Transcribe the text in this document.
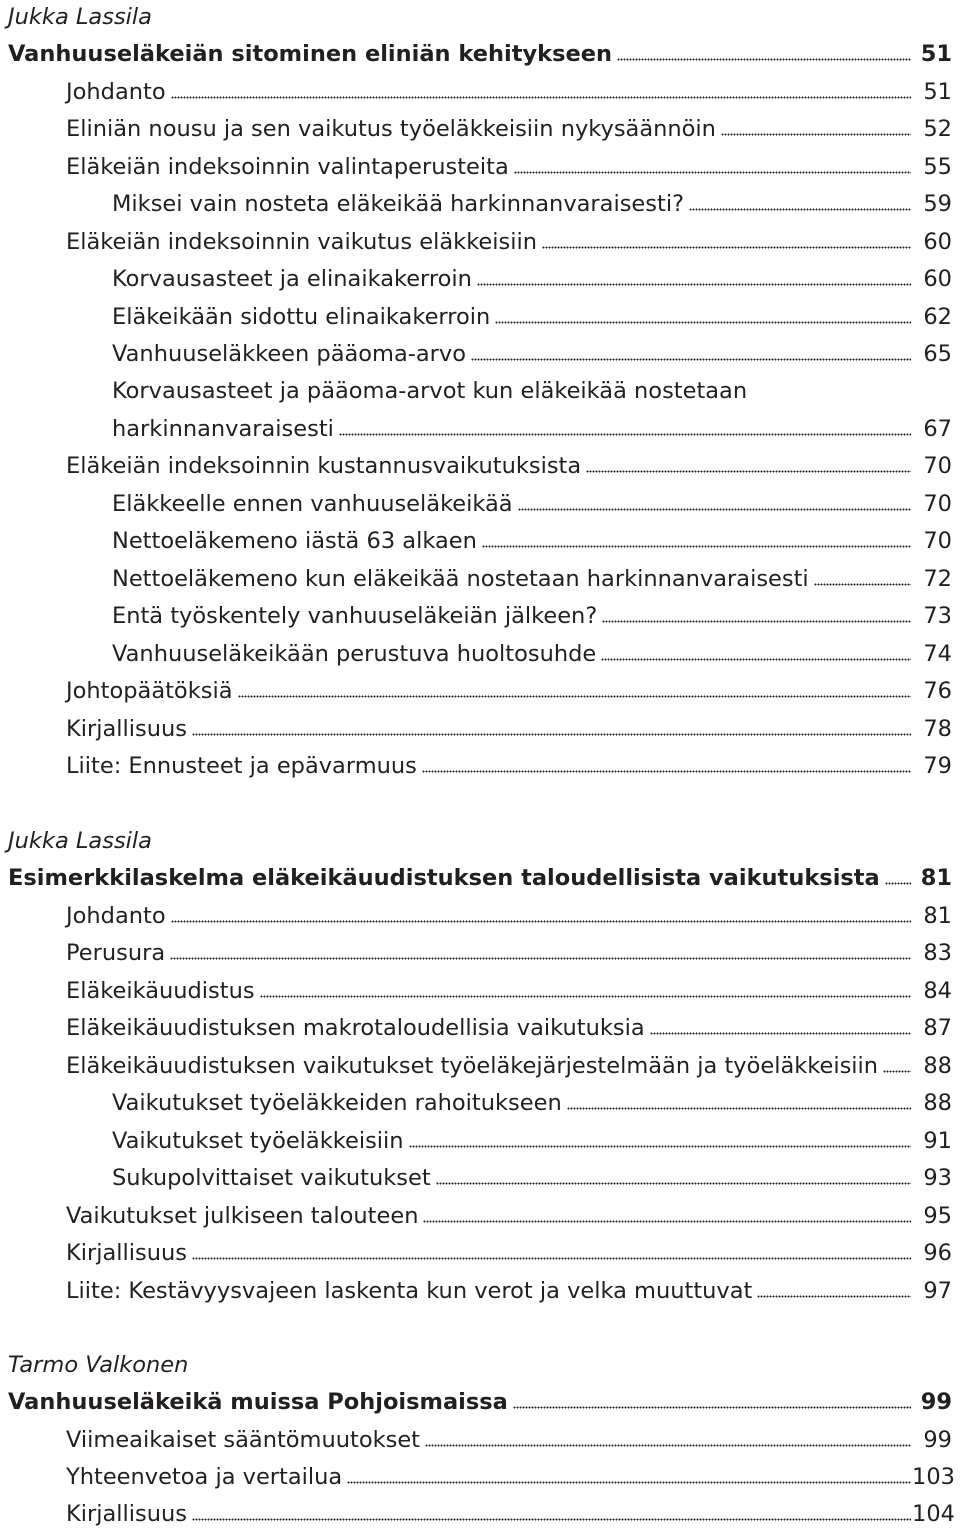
Jukka Lassila
Vanhuuseläkeiän sitominen eliniän kehitykseen	51
Johdanto	51
Eliniän nousu ja sen vaikutus työeläkkeisiin nykysäännöin	52
Eläkeiän indeksoinnin valintaperusteita	55
Miksei vain nosteta eläkeikää harkinnanvaraisesti?	59
Eläkeiän indeksoinnin vaikutus eläkkeisiin	60
Korvausasteet ja elinaikakerroin	60
Eläkeikään sidottu elinaikakerroin	62
Vanhuuseläkkeen pääoma-arvo	65
Korvausasteet ja pääoma-arvot kun eläkeikää nostetaan
harkinnanvaraisesti	67
Eläkeiän indeksoinnin kustannusvaikutuksista	70
Eläkkeelle ennen vanhuuseläkeikää	70
Nettoeläkemeno iästä 63 alkaen	70
Nettoeläkemeno kun eläkeikää nostetaan harkinnanvaraisesti	72
Entä työskentely vanhuuseläkeiän jälkeen?	73
Vanhuuseläkeikään perustuva huoltosuhde	74
Johtopäätöksiä	76
Kirjallisuus	78
Liite: Ennusteet ja epävarmuus	79
Jukka Lassila
Esimerkkilaskelma eläkeikäuudistuksen taloudellisista vaikutuksista	81
Johdanto	81
Perusura	83
Eläkeikäuudistus	84
Eläkeikäuudistuksen makrotaloudellisia vaikutuksia	87
Eläkeikäuudistuksen vaikutukset työeläkejärjestelmään ja työeläkkeisiin	88
Vaikutukset työeläkkeiden rahoitukseen	88
Vaikutukset työeläkkeisiin	91
Sukupolvittaiset vaikutukset	93
Vaikutukset julkiseen talouteen	95
Kirjallisuus	96
Liite: Kestävyysvajeen laskenta kun verot ja velka muuttuvat	97
Tarmo Valkonen
Vanhuuseläkeikä muissa Pohjoismaissa	99
Viimeaikaiset sääntömuutokset	99
Yhteenvetoa ja vertailua	103
Kirjallisuus	104
